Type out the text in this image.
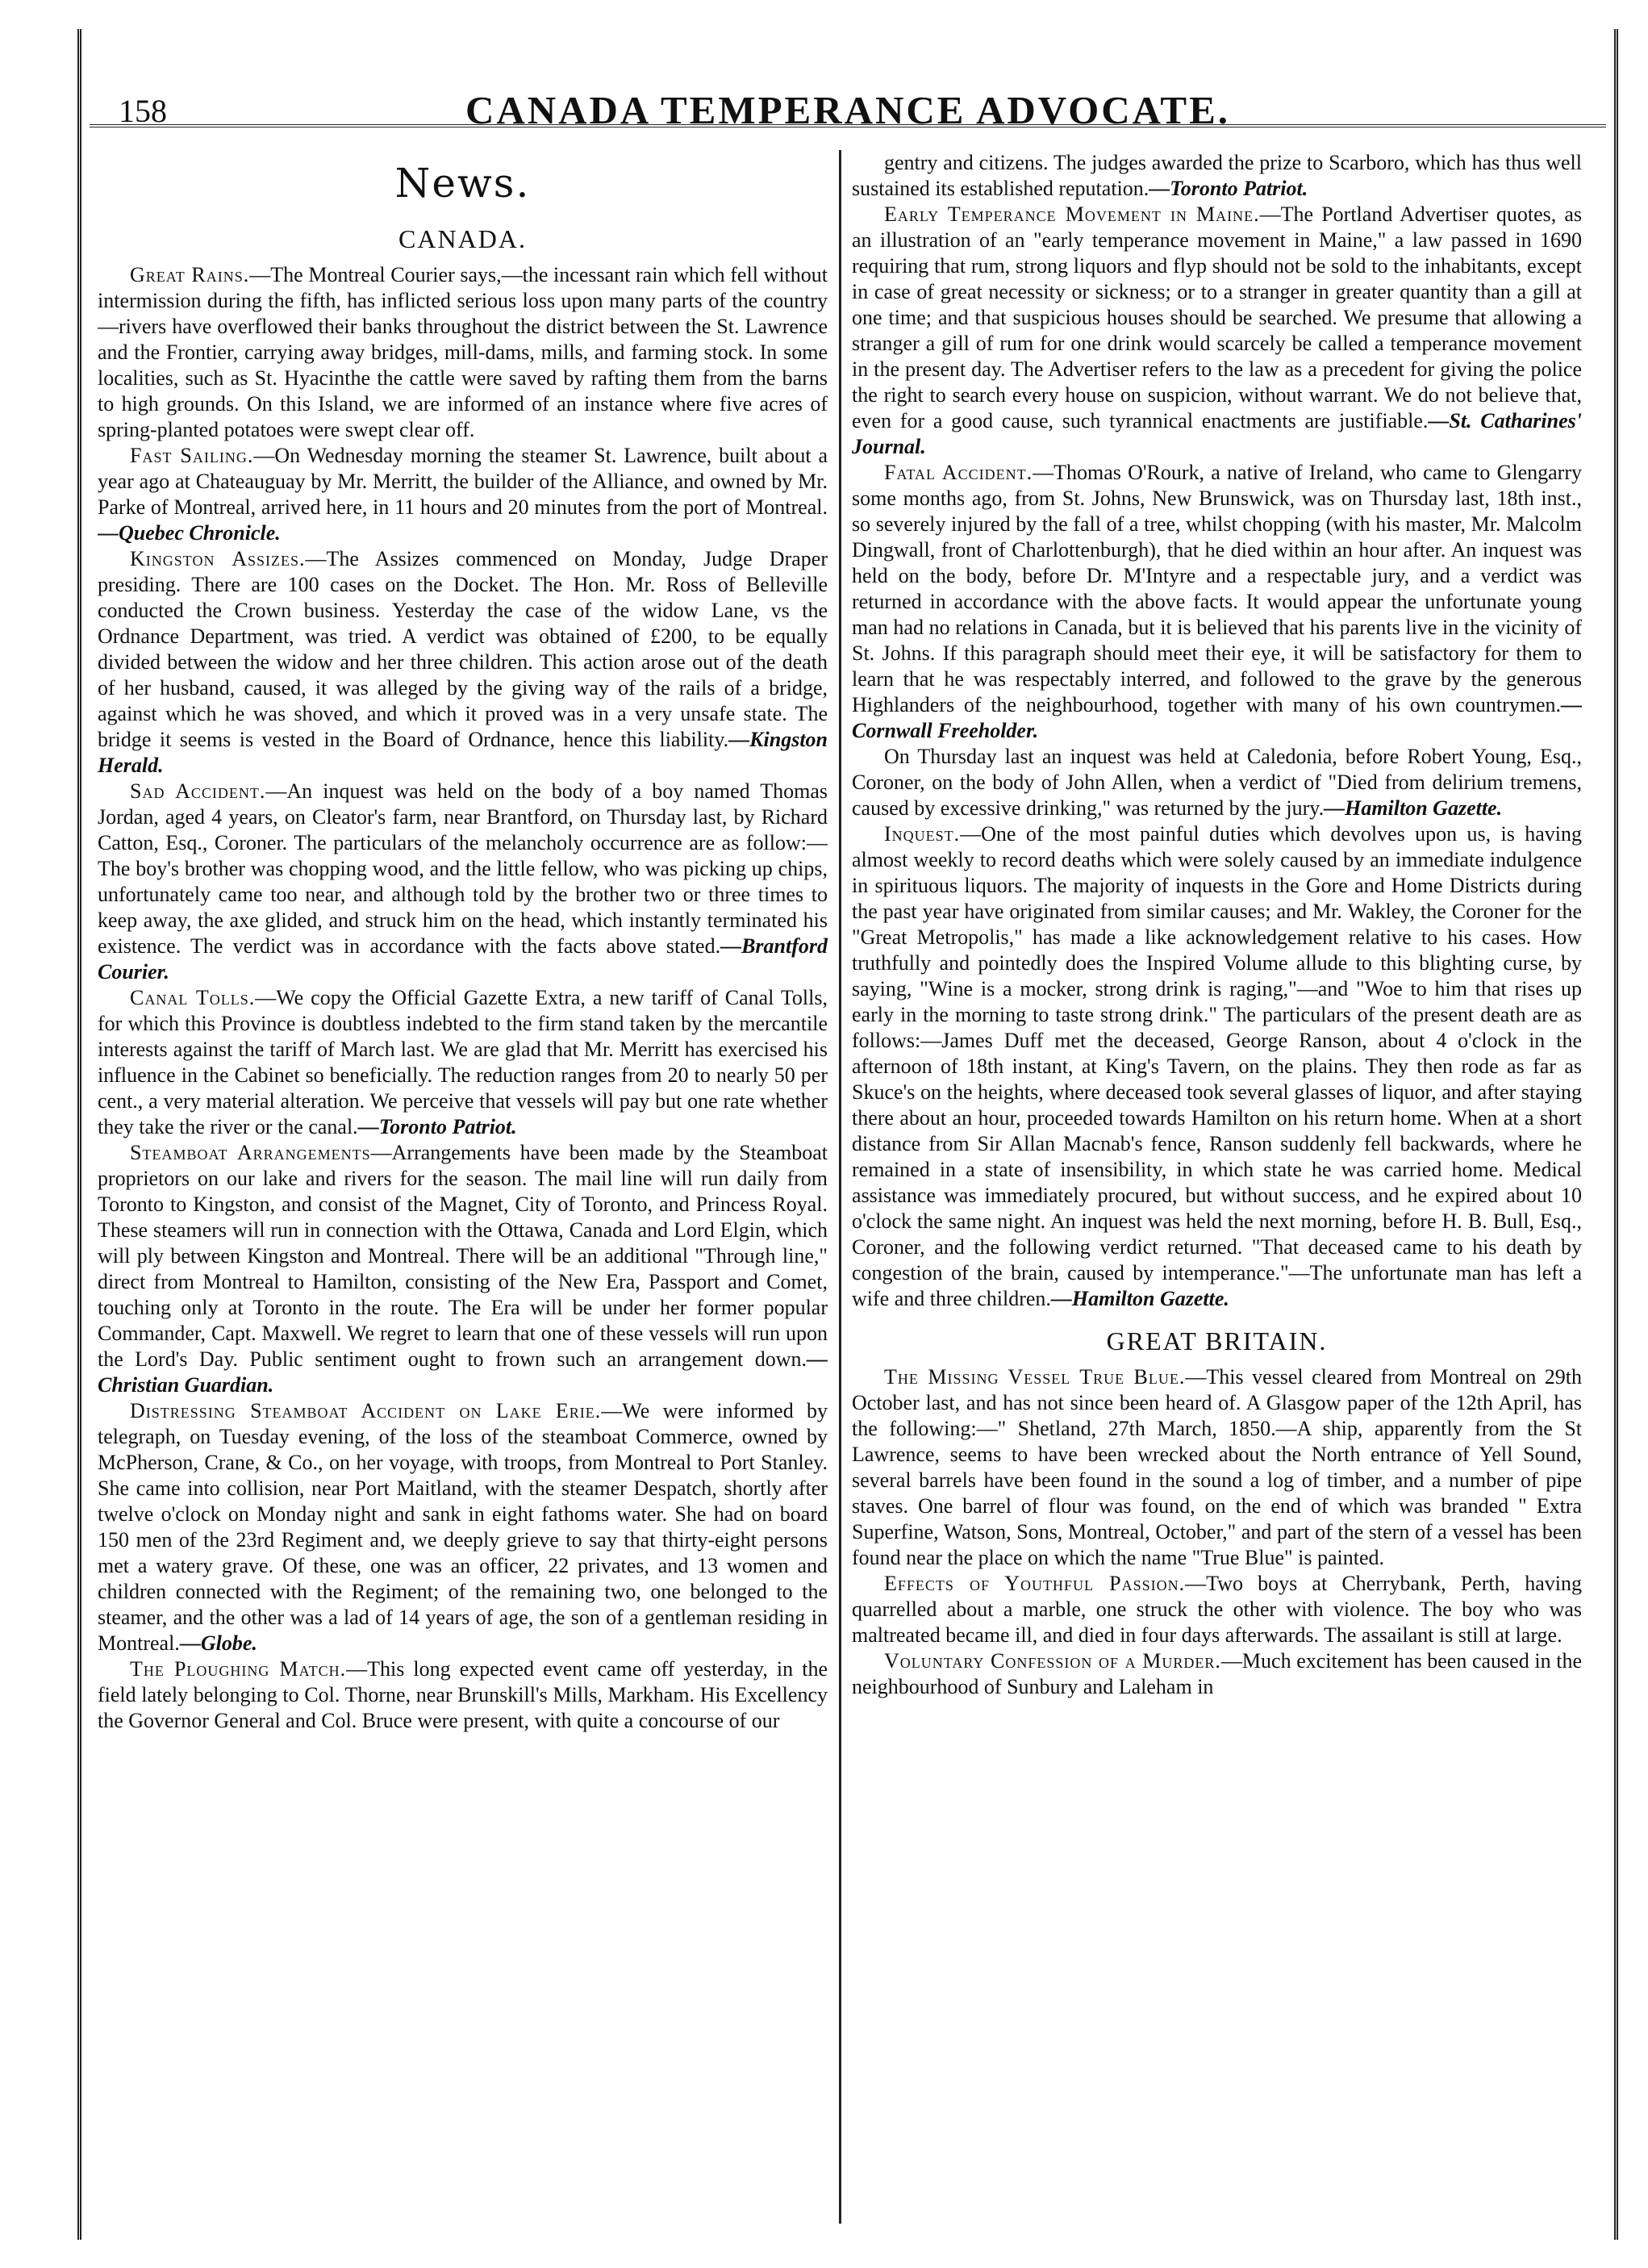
158	CANADA TEMPERANCE ADVOCATE.
News.
CANADA.

Great Rains.—The Montreal Courier says,—the incessant rain which fell without intermission during the fifth, has inflicted serious loss upon many parts of the country—rivers have overflowed their banks throughout the district between the St. Lawrence and the Frontier, carrying away bridges, mill-dams, mills, and farming stock. In some localities, such as St. Hyacinthe the cattle were saved by rafting them from the barns to high grounds. On this Island, we are informed of an instance where five acres of spring-planted potatoes were swept clear off.

Fast Sailing.—On Wednesday morning the steamer St. Lawrence, built about a year ago at Chateauguay by Mr. Merritt, the builder of the Alliance, and owned by Mr. Parke of Montreal, arrived here, in 11 hours and 20 minutes from the port of Montreal.—Quebec Chronicle.

Kingston Assizes.—The Assizes commenced on Monday, Judge Draper presiding. There are 100 cases on the Docket. The Hon. Mr. Ross of Belleville conducted the Crown business. Yesterday the case of the widow Lane, vs the Ordnance Department, was tried. A verdict was obtained of £200, to be equally divided between the widow and her three children. This action arose out of the death of her husband, caused, it was alleged by the giving way of the rails of a bridge, against which he was shoved, and which it proved was in a very unsafe state. The bridge it seems is vested in the Board of Ordnance, hence this liability.—Kingston Herald.

Sad Accident.—An inquest was held on the body of a boy named Thomas Jordan, aged 4 years, on Cleator's farm, near Brantford, on Thursday last, by Richard Catton, Esq., Coroner. The particulars of the melancholy occurrence are as follow:—The boy's brother was chopping wood, and the little fellow, who was picking up chips, unfortunately came too near, and although told by the brother two or three times to keep away, the axe glided, and struck him on the head, which instantly terminated his existence. The verdict was in accordance with the facts above stated.—Brantford Courier.

Canal Tolls.—We copy the Official Gazette Extra, a new tariff of Canal Tolls, for which this Province is doubtless indebted to the firm stand taken by the mercantile interests against the tariff of March last. We are glad that Mr. Merritt has exercised his influence in the Cabinet so beneficially. The reduction ranges from 20 to nearly 50 per cent., a very material alteration. We perceive that vessels will pay but one rate whether they take the river or the canal.—Toronto Patriot.

Steamboat Arrangements—Arrangements have been made by the Steamboat proprietors on our lake and rivers for the season. The mail line will run daily from Toronto to Kingston, and consist of the Magnet, City of Toronto, and Princess Royal. These steamers will run in connection with the Ottawa, Canada and Lord Elgin, which will ply between Kingston and Montreal. There will be an additional "Through line," direct from Montreal to Hamilton, consisting of the New Era, Passport and Comet, touching only at Toronto in the route. The Era will be under her former popular Commander, Capt. Maxwell. We regret to learn that one of these vessels will run upon the Lord's Day. Public sentiment ought to frown such an arrangement down.—Christian Guardian.

Distressing Steamboat Accident on Lake Erie.—We were informed by telegraph, on Tuesday evening, of the loss of the steamboat Commerce, owned by McPherson, Crane, & Co., on her voyage, with troops, from Montreal to Port Stanley. She came into collision, near Port Maitland, with the steamer Despatch, shortly after twelve o'clock on Monday night and sank in eight fathoms water. She had on board 150 men of the 23rd Regiment and, we deeply grieve to say that thirty-eight persons met a watery grave. Of these, one was an officer, 22 privates, and 13 women and children connected with the Regiment; of the remaining two, one belonged to the steamer, and the other was a lad of 14 years of age, the son of a gentleman residing in Montreal.—Globe.

The Ploughing Match.—This long expected event came off yesterday, in the field lately belonging to Col. Thorne, near Brunskill's Mills, Markham. His Excellency the Governor General and Col. Bruce were present, with quite a concourse of our

gentry and citizens. The judges awarded the prize to Scarboro, which has thus well sustained its established reputation.—Toronto Patriot.

Early Temperance Movement in Maine.—The Portland Advertiser quotes, as an illustration of an "early temperance movement in Maine," a law passed in 1690 requiring that rum, strong liquors and flyp should not be sold to the inhabitants, except in case of great necessity or sickness; or to a stranger in greater quantity than a gill at one time; and that suspicious houses should be searched. We presume that allowing a stranger a gill of rum for one drink would scarcely be called a temperance movement in the present day. The Advertiser refers to the law as a precedent for giving the police the right to search every house on suspicion, without warrant. We do not believe that, even for a good cause, such tyrannical enactments are justifiable.—St. Catharines' Journal.

Fatal Accident.—Thomas O'Rourk, a native of Ireland, who came to Glengarry some months ago, from St. Johns, New Brunswick, was on Thursday last, 18th inst., so severely injured by the fall of a tree, whilst chopping (with his master, Mr. Malcolm Dingwall, front of Charlottenburgh), that he died within an hour after. An inquest was held on the body, before Dr. M'Intyre and a respectable jury, and a verdict was returned in accordance with the above facts. It would appear the unfortunate young man had no relations in Canada, but it is believed that his parents live in the vicinity of St. Johns. If this paragraph should meet their eye, it will be satisfactory for them to learn that he was respectably interred, and followed to the grave by the generous Highlanders of the neighbourhood, together with many of his own countrymen.—Cornwall Freeholder.

On Thursday last an inquest was held at Caledonia, before Robert Young, Esq., Coroner, on the body of John Allen, when a verdict of "Died from delirium tremens, caused by excessive drinking," was returned by the jury.—Hamilton Gazette.

Inquest.—One of the most painful duties which devolves upon us, is having almost weekly to record deaths which were solely caused by an immediate indulgence in spirituous liquors. The majority of inquests in the Gore and Home Districts during the past year have originated from similar causes; and Mr. Wakley, the Coroner for the "Great Metropolis," has made a like acknowledgement relative to his cases. How truthfully and pointedly does the Inspired Volume allude to this blighting curse, by saying, "Wine is a mocker, strong drink is raging,"—and "Woe to him that rises up early in the morning to taste strong drink." The particulars of the present death are as follows:—James Duff met the deceased, George Ranson, about 4 o'clock in the afternoon of 18th instant, at King's Tavern, on the plains. They then rode as far as Skuce's on the heights, where deceased took several glasses of liquor, and after staying there about an hour, proceeded towards Hamilton on his return home. When at a short distance from Sir Allan Macnab's fence, Ranson suddenly fell backwards, where he remained in a state of insensibility, in which state he was carried home. Medical assistance was immediately procured, but without success, and he expired about 10 o'clock the same night. An inquest was held the next morning, before H. B. Bull, Esq., Coroner, and the following verdict returned. "That deceased came to his death by congestion of the brain, caused by intemperance."—The unfortunate man has left a wife and three children.—Hamilton Gazette.

GREAT BRITAIN.

The Missing Vessel True Blue.—This vessel cleared from Montreal on 29th October last, and has not since been heard of. A Glasgow paper of the 12th April, has the following:—" Shetland, 27th March, 1850.—A ship, apparently from the St Lawrence, seems to have been wrecked about the North entrance of Yell Sound, several barrels have been found in the sound a log of timber, and a number of pipe staves. One barrel of flour was found, on the end of which was branded " Extra Superfine, Watson, Sons, Montreal, October," and part of the stern of a vessel has been found near the place on which the name "True Blue" is painted.

Effects of Youthful Passion.—Two boys at Cherrybank, Perth, having quarrelled about a marble, one struck the other with violence. The boy who was maltreated became ill, and died in four days afterwards. The assailant is still at large.

Voluntary Confession of a Murder.—Much excitement has been caused in the neighbourhood of Sunbury and Laleham in
